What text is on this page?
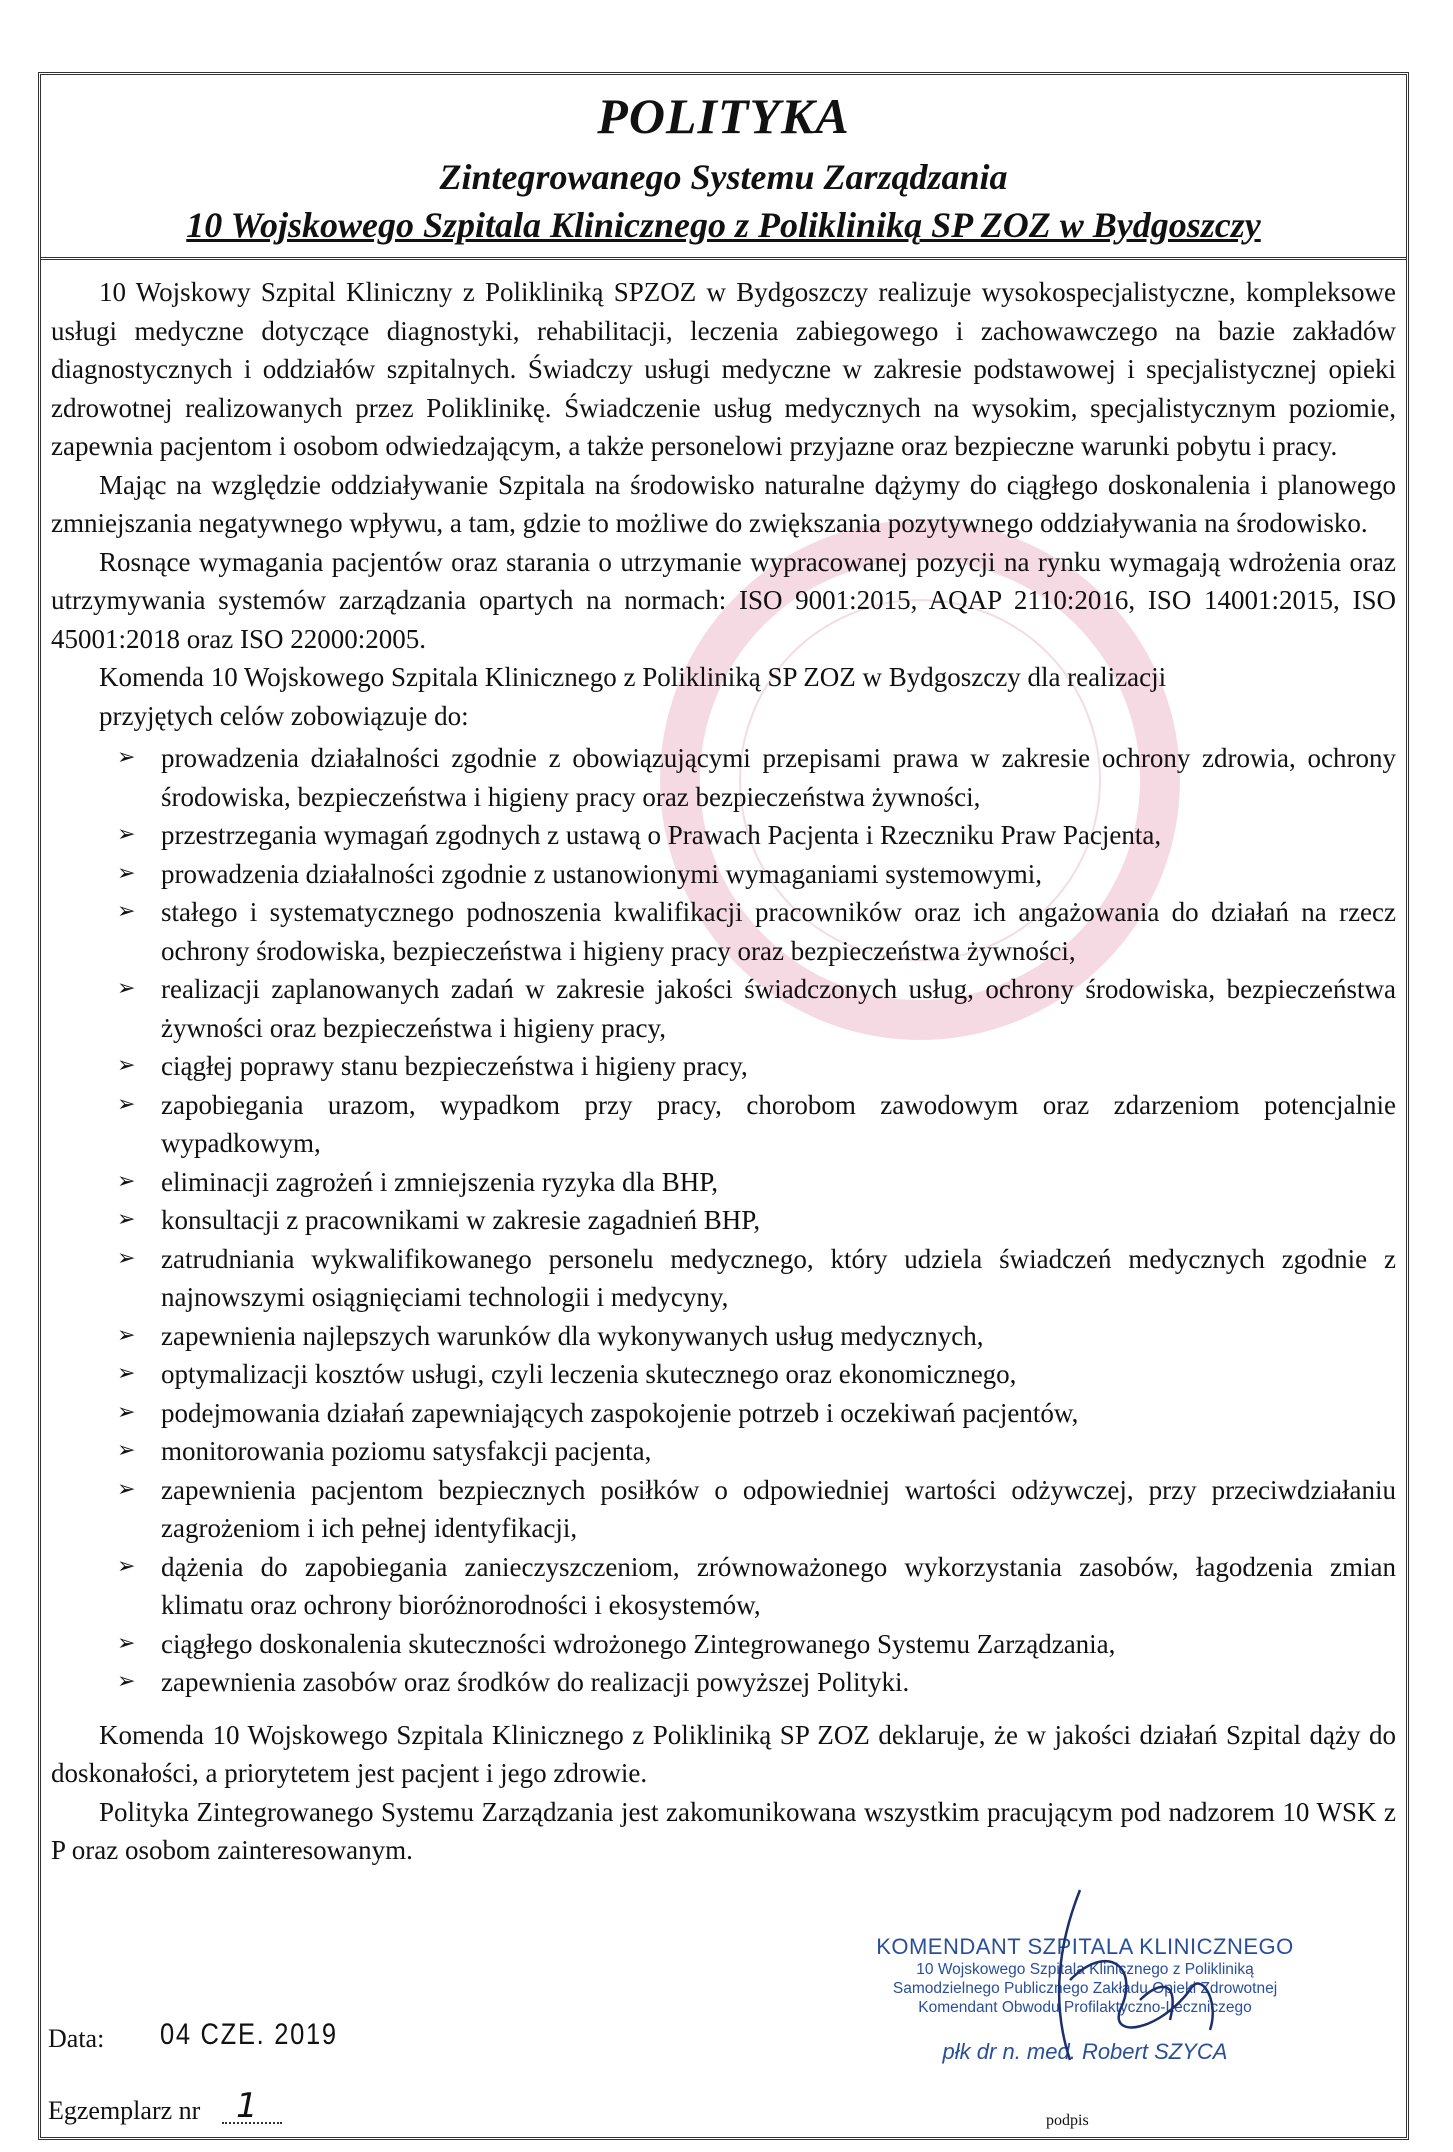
POLITYKA
Zintegrowanego Systemu Zarządzania
10 Wojskowego Szpitala Klinicznego z Polikliniką SP ZOZ w Bydgoszczy

10 Wojskowy Szpital Kliniczny z Polikliniką SPZOZ w Bydgoszczy realizuje wysokospecjalistyczne, kompleksowe usługi medyczne dotyczące diagnostyki, rehabilitacji, leczenia zabiegowego i zachowawczego na bazie zakładów diagnostycznych i oddziałów szpitalnych. Świadczy usługi medyczne w zakresie podstawowej i specjalistycznej opieki zdrowotnej realizowanych przez Poliklinikę. Świadczenie usług medycznych na wysokim, specjalistycznym poziomie, zapewnia pacjentom i osobom odwiedzającym, a także personelowi przyjazne oraz bezpieczne warunki pobytu i pracy.

Mając na względzie oddziaływanie Szpitala na środowisko naturalne dążymy do ciągłego doskonalenia i planowego zmniejszania negatywnego wpływu, a tam, gdzie to możliwe do zwiększania pozytywnego oddziaływania na środowisko.

Rosnące wymagania pacjentów oraz starania o utrzymanie wypracowanej pozycji na rynku wymagają wdrożenia oraz utrzymywania systemów zarządzania opartych na normach: ISO 9001:2015, AQAP 2110:2016, ISO 14001:2015, ISO 45001:2018 oraz ISO 22000:2005.

Komenda 10 Wojskowego Szpitala Klinicznego z Polikliniką SP ZOZ w Bydgoszczy dla realizacji

przyjętych celów zobowiązuje do:

➢ prowadzenia działalności zgodnie z obowiązującymi przepisami prawa w zakresie ochrony zdrowia, ochrony środowiska, bezpieczeństwa i higieny pracy oraz bezpieczeństwa żywności,
➢ przestrzegania wymagań zgodnych z ustawą o Prawach Pacjenta i Rzeczniku Praw Pacjenta,
➢ prowadzenia działalności zgodnie z ustanowionymi wymaganiami systemowymi,
➢ stałego i systematycznego podnoszenia kwalifikacji pracowników oraz ich angażowania do działań na rzecz ochrony środowiska, bezpieczeństwa i higieny pracy oraz bezpieczeństwa żywności,
➢ realizacji zaplanowanych zadań w zakresie jakości świadczonych usług, ochrony środowiska, bezpieczeństwa żywności oraz bezpieczeństwa i higieny pracy,
➢ ciągłej poprawy stanu bezpieczeństwa i higieny pracy,
➢ zapobiegania urazom, wypadkom przy pracy, chorobom zawodowym oraz zdarzeniom potencjalnie wypadkowym,
➢ eliminacji zagrożeń i zmniejszenia ryzyka dla BHP,
➢ konsultacji z pracownikami w zakresie zagadnień BHP,
➢ zatrudniania wykwalifikowanego personelu medycznego, który udziela świadczeń medycznych zgodnie z najnowszymi osiągnięciami technologii i medycyny,
➢ zapewnienia najlepszych warunków dla wykonywanych usług medycznych,
➢ optymalizacji kosztów usługi, czyli leczenia skutecznego oraz ekonomicznego,
➢ podejmowania działań zapewniających zaspokojenie potrzeb i oczekiwań pacjentów,
➢ monitorowania poziomu satysfakcji pacjenta,
➢ zapewnienia pacjentom bezpiecznych posiłków o odpowiedniej wartości odżywczej, przy przeciwdziałaniu zagrożeniom i ich pełnej identyfikacji,
➢ dążenia do zapobiegania zanieczyszczeniom, zrównoważonego wykorzystania zasobów, łagodzenia zmian klimatu oraz ochrony bioróżnorodności i ekosystemów,
➢ ciągłego doskonalenia skuteczności wdrożonego Zintegrowanego Systemu Zarządzania,
➢ zapewnienia zasobów oraz środków do realizacji powyższej Polityki.

Komenda 10 Wojskowego Szpitala Klinicznego z Polikliniką SP ZOZ deklaruje, że w jakości działań Szpital dąży do doskonałości, a priorytetem jest pacjent i jego zdrowie.

Polityka Zintegrowanego Systemu Zarządzania jest zakomunikowana wszystkim pracującym pod nadzorem 10 WSK z P oraz osobom zainteresowanym.

Data: 04 CZE. 2019
Egzemplarz nr 1
KOMENDANT SZPITALA KLINICZNEGO
10 Wojskowego Szpitala Klinicznego z Polikliniką
Samodzielnego Publicznego Zakładu Opieki Zdrowotnej
Komendant Obwodu Profilaktyczno-Leczniczego
płk dr n. med. Robert SZYCA
podpis
